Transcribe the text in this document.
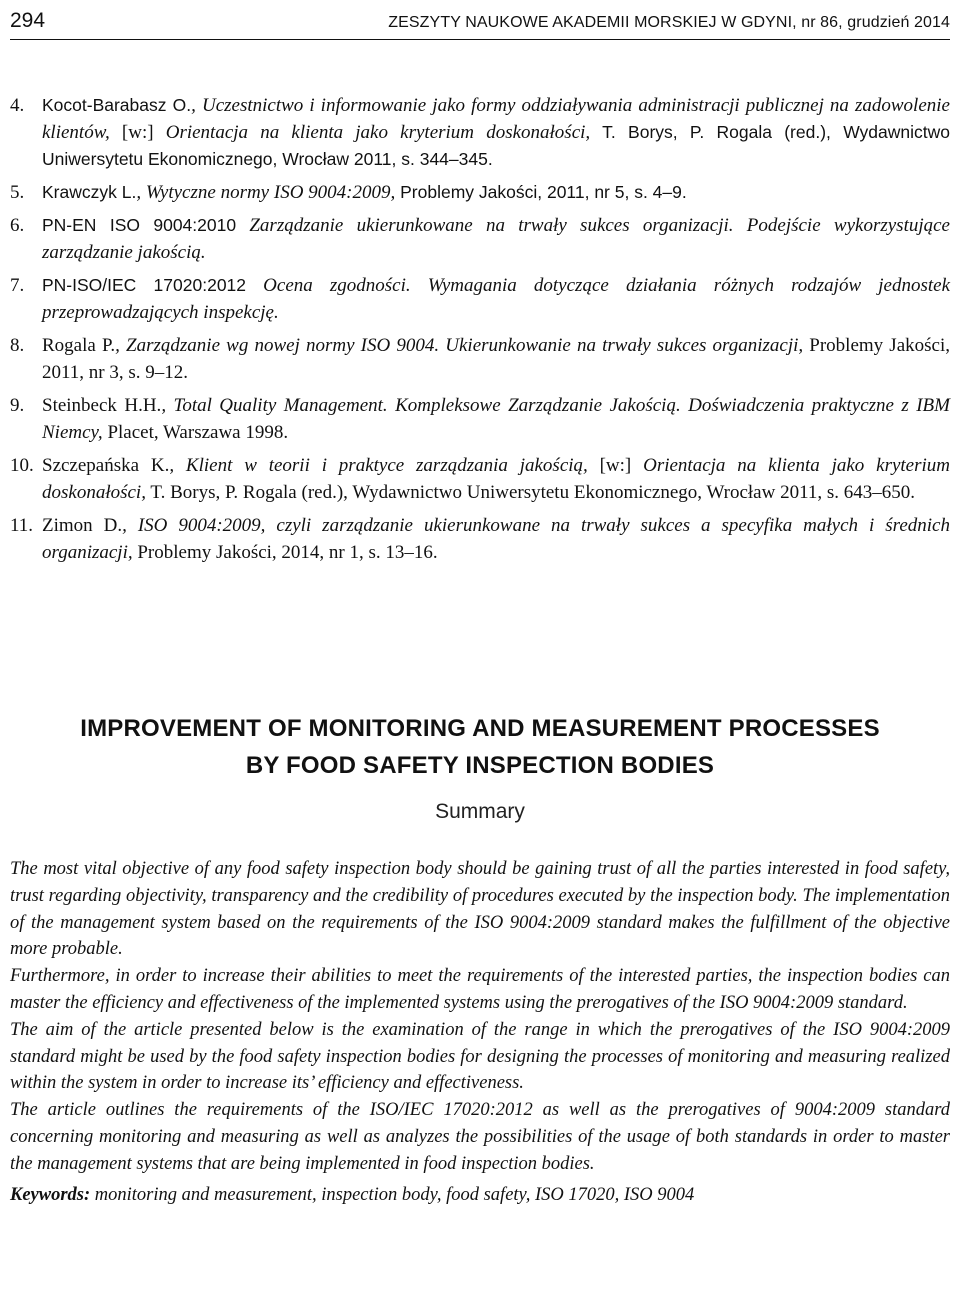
294	ZESZYTY NAUKOWE AKADEMII MORSKIEJ W GDYNI, nr 86, grudzień 2014

4. Kocot-Barabasz O., Uczestnictwo i informowanie jako formy oddziaływania administracji publicznej na zadowolenie klientów, [w:] Orientacja na klienta jako kryterium doskonałości, T. Borys, P. Rogala (red.), Wydawnictwo Uniwersytetu Ekonomicznego, Wrocław 2011, s. 344–345.

5. Krawczyk L., Wytyczne normy ISO 9004:2009, Problemy Jakości, 2011, nr 5, s. 4–9.

6. PN-EN ISO 9004:2010 Zarządzanie ukierunkowane na trwały sukces organizacji. Podejście wykorzystujące zarządzanie jakością.

7. PN-ISO/IEC 17020:2012 Ocena zgodności. Wymagania dotyczące działania różnych rodzajów jednostek przeprowadzających inspekcję.

8. Rogala P., Zarządzanie wg nowej normy ISO 9004. Ukierunkowanie na trwały sukces organizacji, Problemy Jakości, 2011, nr 3, s. 9–12.

9. Steinbeck H.H., Total Quality Management. Kompleksowe Zarządzanie Jakością. Doświadczenia praktyczne z IBM Niemcy, Placet, Warszawa 1998.

10. Szczepańska K., Klient w teorii i praktyce zarządzania jakością, [w:] Orientacja na klienta jako kryterium doskonałości, T. Borys, P. Rogala (red.), Wydawnictwo Uniwersytetu Ekonomicznego, Wrocław 2011, s. 643–650.

11. Zimon D., ISO 9004:2009, czyli zarządzanie ukierunkowane na trwały sukces a specyfika małych i średnich organizacji, Problemy Jakości, 2014, nr 1, s. 13–16.

IMPROVEMENT OF MONITORING AND MEASUREMENT PROCESSES
BY FOOD SAFETY INSPECTION BODIES
Summary

The most vital objective of any food safety inspection body should be gaining trust of all the parties interested in food safety, trust regarding objectivity, transparency and the credibility of procedures executed by the inspection body. The implementation of the management system based on the requirements of the ISO 9004:2009 standard makes the fulfillment of the objective more probable.

Furthermore, in order to increase their abilities to meet the requirements of the interested parties, the inspection bodies can master the efficiency and effectiveness of the implemented systems using the prerogatives of the ISO 9004:2009 standard.

The aim of the article presented below is the examination of the range in which the prerogatives of the ISO 9004:2009 standard might be used by the food safety inspection bodies for designing the processes of monitoring and measuring realized within the system in order to increase its’ efficiency and effectiveness.

The article outlines the requirements of the ISO/IEC 17020:2012 as well as the prerogatives of 9004:2009 standard concerning monitoring and measuring as well as analyzes the possibilities of the usage of both standards in order to master the management systems that are being implemented in food inspection bodies.

Keywords: monitoring and measurement, inspection body, food safety, ISO 17020, ISO 9004
